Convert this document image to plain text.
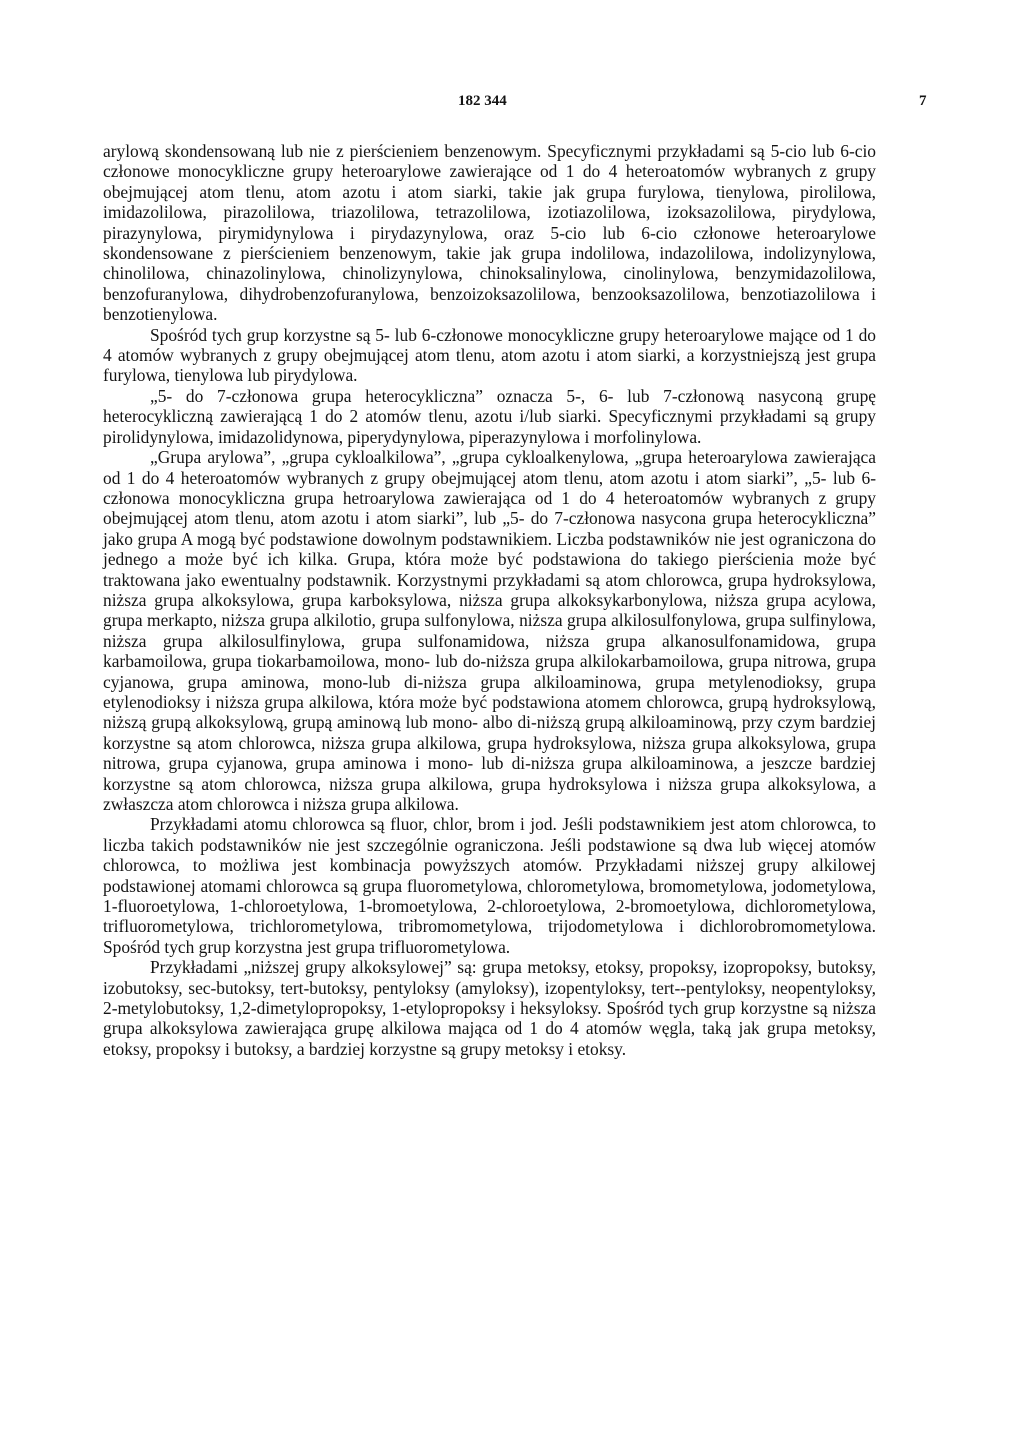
182 344	7

arylową skondensowaną lub nie z pierścieniem benzenowym. Specyficznymi przykładami są 5-cio lub 6-cio członowe monocykliczne grupy heteroarylowe zawierające od 1 do 4 heteroatomów wybranych z grupy obejmującej atom tlenu, atom azotu i atom siarki, takie jak grupa furylowa, tienylowa, pirolilowa, imidazolilowa, pirazolilowa, triazolilowa, tetrazolilowa, izotiazolilowa, izoksazolilowa, pirydylowa, pirazynylowa, pirymidynylowa i pirydazynylowa, oraz 5-cio lub 6-cio członowe heteroarylowe skondensowane z pierścieniem benzenowym, takie jak grupa indolilowa, indazolilowa, indolizynylowa, chinolilowa, chinazolinylowa, chinolizynylowa, chinoksalinylowa, cinolinylowa, benzymidazolilowa, benzofuranylowa, dihydrobenzofuranylowa, benzoizoksazolilowa, benzooksazolilowa, benzotiazolilowa i benzotienylowa.

Spośród tych grup korzystne są 5- lub 6-członowe monocykliczne grupy heteroarylowe mające od 1 do 4 atomów wybranych z grupy obejmującej atom tlenu, atom azotu i atom siarki, a korzystniejszą jest grupa furylowa, tienylowa lub pirydylowa.

„5- do 7-członowa grupa heterocykliczna” oznacza 5-, 6- lub 7-członową nasyconą grupę heterocykliczną zawierającą 1 do 2 atomów tlenu, azotu i/lub siarki. Specyficznymi przykładami są grupy pirolidynylowa, imidazolidynowa, piperydynylowa, piperazynylowa i morfolinylowa.

„Grupa arylowa”, „grupa cykloalkilowa”, „grupa cykloalkenylowa, „grupa heteroarylowa zawierająca od 1 do 4 heteroatomów wybranych z grupy obejmującej atom tlenu, atom azotu i atom siarki”, „5- lub 6-członowa monocykliczna grupa hetroarylowa zawierająca od 1 do 4 heteroatomów wybranych z grupy obejmującej atom tlenu, atom azotu i atom siarki”, lub „5- do 7-członowa nasycona grupa heterocykliczna” jako grupa A mogą być podstawione dowolnym podstawnikiem. Liczba podstawników nie jest ograniczona do jednego a może być ich kilka. Grupa, która może być podstawiona do takiego pierścienia może być traktowana jako ewentualny podstawnik. Korzystnymi przykładami są atom chlorowca, grupa hydroksylowa, niższa grupa alkoksylowa, grupa karboksylowa, niższa grupa alkoksykarbonylowa, niższa grupa acylowa, grupa merkapto, niższa grupa alkilotio, grupa sulfonylowa, niższa grupa alkilosulfonylowa, grupa sulfinylowa, niższa grupa alkilosulfinylowa, grupa sulfonamidowa, niższa grupa alkanosulfonamidowa, grupa karbamoilowa, grupa tiokarbamoilowa, mono- lub do-niższa grupa alkilokarbamoilowa, grupa nitrowa, grupa cyjanowa, grupa aminowa, mono-lub di-niższa grupa alkiloaminowa, grupa metylenodioksy, grupa etylenodioksy i niższa grupa alkilowa, która może być podstawiona atomem chlorowca, grupą hydroksylową, niższą grupą alkoksylową, grupą aminową lub mono- albo di-niższą grupą alkiloaminową, przy czym bardziej korzystne są atom chlorowca, niższa grupa alkilowa, grupa hydroksylowa, niższa grupa alkoksylowa, grupa nitrowa, grupa cyjanowa, grupa aminowa i mono- lub di-niższa grupa alkiloaminowa, a jeszcze bardziej korzystne są atom chlorowca, niższa grupa alkilowa, grupa hydroksylowa i niższa grupa alkoksylowa, a zwłaszcza atom chlorowca i niższa grupa alkilowa.

Przykładami atomu chlorowca są fluor, chlor, brom i jod. Jeśli podstawnikiem jest atom chlorowca, to liczba takich podstawników nie jest szczególnie ograniczona. Jeśli podstawione są dwa lub więcej atomów chlorowca, to możliwa jest kombinacja powyższych atomów. Przykładami niższej grupy alkilowej podstawionej atomami chlorowca są grupa fluorometylowa, chlorometylowa, bromometylowa, jodometylowa, 1-fluoroetylowa, 1-chloroetylowa, 1-bromoetylowa, 2-chloroetylowa, 2-bromoetylowa, dichlorometylowa, trifluorometylowa, trichlorometylowa, tribromometylowa, trijodometylowa i dichlorobromometylowa. Spośród tych grup korzystna jest grupa trifluorometylowa.

Przykładami „niższej grupy alkoksylowej” są: grupa metoksy, etoksy, propoksy, izopropoksy, butoksy, izobutoksy, sec-butoksy, tert-butoksy, pentyloksy (amyloksy), izopentyloksy, tert--pentyloksy, neopentyloksy, 2-metylobutoksy, 1,2-dimetylopropoksy, 1-etylopropoksy i heksyloksy. Spośród tych grup korzystne są niższa grupa alkoksylowa zawierająca grupę alkilowa mająca od 1 do 4 atomów węgla, taką jak grupa metoksy, etoksy, propoksy i butoksy, a bardziej korzystne są grupy metoksy i etoksy.
